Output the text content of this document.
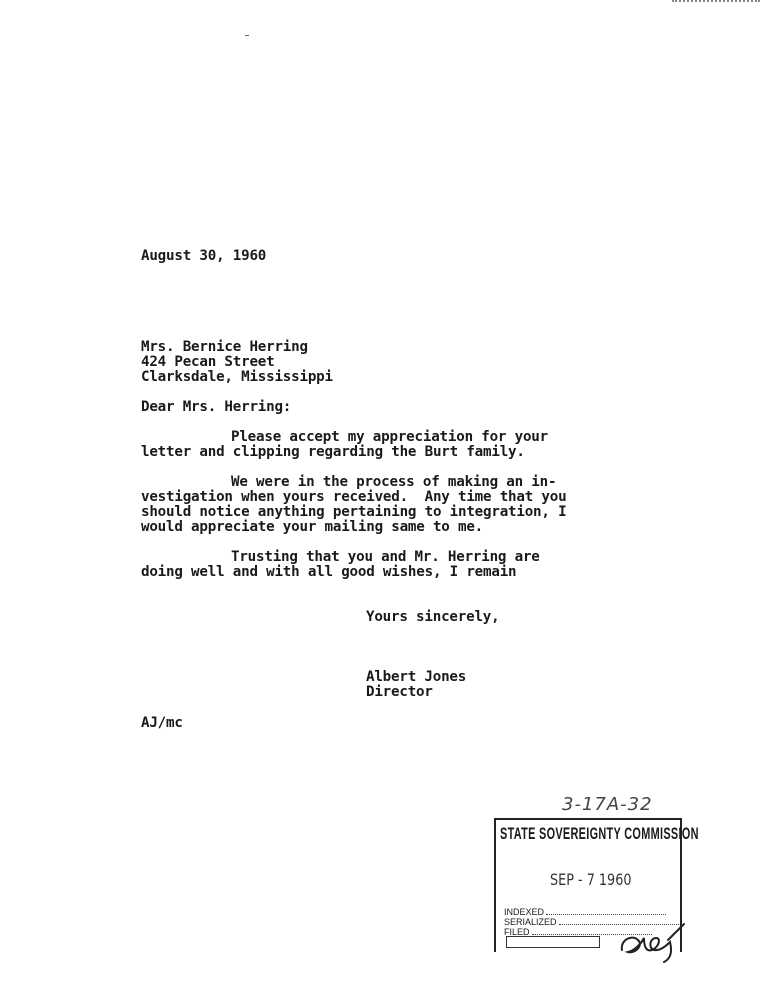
August 30, 1960
Mrs. Bernice Herring
424 Pecan Street
Clarksdale, Mississippi
Dear Mrs. Herring:
Please accept my appreciation for your
letter and clipping regarding the Burt family.
We were in the process of making an in-
vestigation when yours received.  Any time that you
should notice anything pertaining to integration, I
would appreciate your mailing same to me.
Trusting that you and Mr. Herring are
doing well and with all good wishes, I remain
Yours sincerely,
Albert Jones
Director
AJ/mc
3-17A-32
STATE SOVEREIGNTY COMMISSION
SEP - 7 1960
INDEXED
SERIALIZED
FILED
